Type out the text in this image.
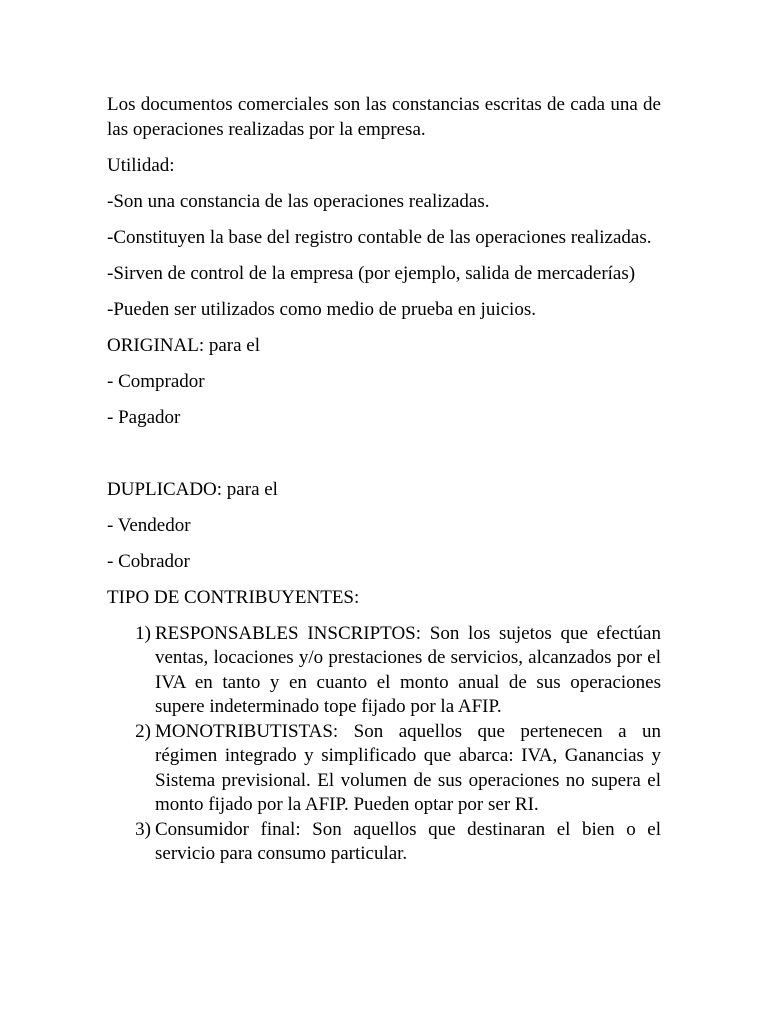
Los documentos comerciales son las constancias escritas de cada una de las operaciones realizadas por la empresa.

Utilidad:

-Son una constancia de las operaciones realizadas.

-Constituyen la base del registro contable de las operaciones realizadas.

-Sirven de control de la empresa (por ejemplo, salida de mercaderías)

-Pueden ser utilizados como medio de prueba en juicios.

ORIGINAL: para el

- Comprador

- Pagador

DUPLICADO: para el

- Vendedor

- Cobrador

TIPO DE CONTRIBUYENTES:

1) RESPONSABLES INSCRIPTOS: Son los sujetos que efectúan ventas, locaciones y/o prestaciones de servicios, alcanzados por el IVA en tanto y en cuanto el monto anual de sus operaciones supere indeterminado tope fijado por la AFIP.
2) MONOTRIBUTISTAS: Son aquellos que pertenecen a un régimen integrado y simplificado que abarca: IVA, Ganancias y Sistema previsional. El volumen de sus operaciones no supera el monto fijado por la AFIP. Pueden optar por ser RI.
3) Consumidor final: Son aquellos que destinaran el bien o el servicio para consumo particular.
